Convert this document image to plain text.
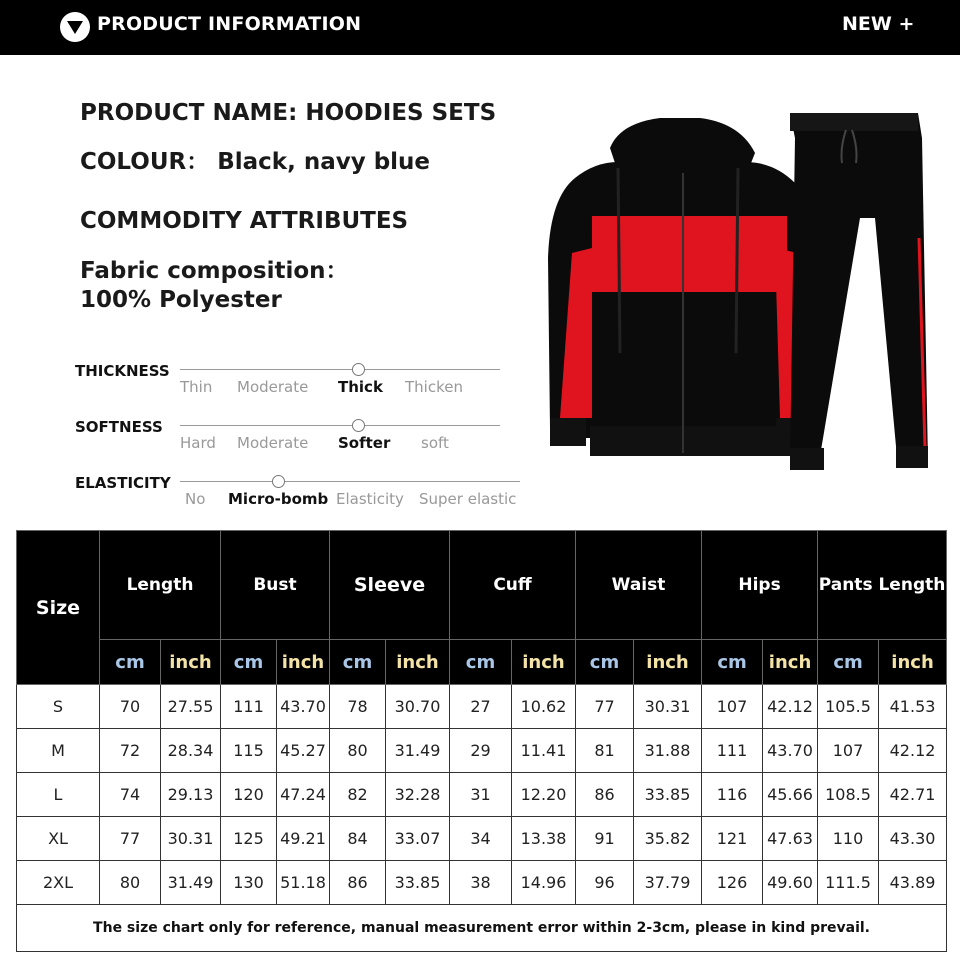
PRODUCT INFORMATION	NEW +
PRODUCT NAME: HOODIES SETS
COLOUR： Black, navy blue
COMMODITY ATTRIBUTES
Fabric composition：
100% Polyester
THICKNESS
Thin Moderate Thick Thicken
SOFTNESS
Hard Moderate Softer soft
ELASTICITY
No Micro-bomb Elasticity Super elastic
Size	Length		Bust		Sleeve		Cuff		Waist		Hips		Pants Length	
	cm	inch	cm	inch	cm	inch	cm	inch	cm	inch	cm	inch	cm	inch
S	70	27.55	111	43.70	78	30.70	27	10.62	77	30.31	107	42.12	105.5	41.53
M	72	28.34	115	45.27	80	31.49	29	11.41	81	31.88	111	43.70	107	42.12
L	74	29.13	120	47.24	82	32.28	31	12.20	86	33.85	116	45.66	108.5	42.71
XL	77	30.31	125	49.21	84	33.07	34	13.38	91	35.82	121	47.63	110	43.30
2XL	80	31.49	130	51.18	86	33.85	38	14.96	96	37.79	126	49.60	111.5	43.89
The size chart only for reference, manual measurement error within 2-3cm, please in kind prevail.														
